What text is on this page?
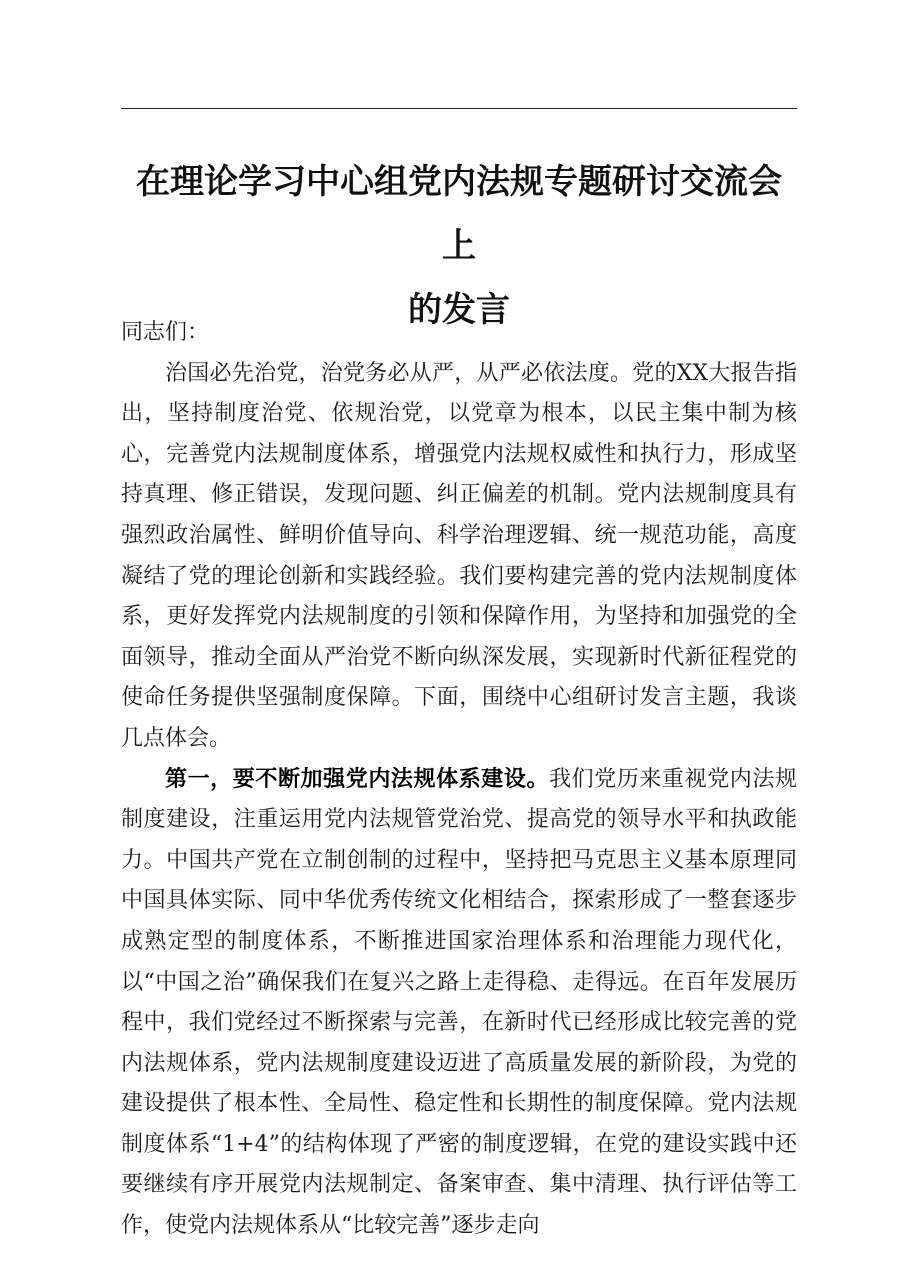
在理论学习中心组党内法规专题研讨交流会上
的发言

同志们：

治国必先治党，治党务必从严，从严必依法度。党的XX大报告指出，坚持制度治党、依规治党，以党章为根本，以民主集中制为核心，完善党内法规制度体系，增强党内法规权威性和执行力，形成坚持真理、修正错误，发现问题、纠正偏差的机制。党内法规制度具有强烈政治属性、鲜明价值导向、科学治理逻辑、统一规范功能，高度凝结了党的理论创新和实践经验。我们要构建完善的党内法规制度体系，更好发挥党内法规制度的引领和保障作用，为坚持和加强党的全面领导，推动全面从严治党不断向纵深发展，实现新时代新征程党的使命任务提供坚强制度保障。下面，围绕中心组研讨发言主题，我谈几点体会。

第一，要不断加强党内法规体系建设。我们党历来重视党内法规制度建设，注重运用党内法规管党治党、提高党的领导水平和执政能力。中国共产党在立制创制的过程中，坚持把马克思主义基本原理同中国具体实际、同中华优秀传统文化相结合，探索形成了一整套逐步成熟定型的制度体系，不断推进国家治理体系和治理能力现代化，以“中国之治”确保我们在复兴之路上走得稳、走得远。在百年发展历程中，我们党经过不断探索与完善，在新时代已经形成比较完善的党内法规体系，党内法规制度建设迈进了高质量发展的新阶段，为党的建设提供了根本性、全局性、稳定性和长期性的制度保障。党内法规制度体系“1+4”的结构体现了严密的制度逻辑，在党的建设实践中还要继续有序开展党内法规制定、备案审查、集中清理、执行评估等工作，使党内法规体系从“比较完善”逐步走向
